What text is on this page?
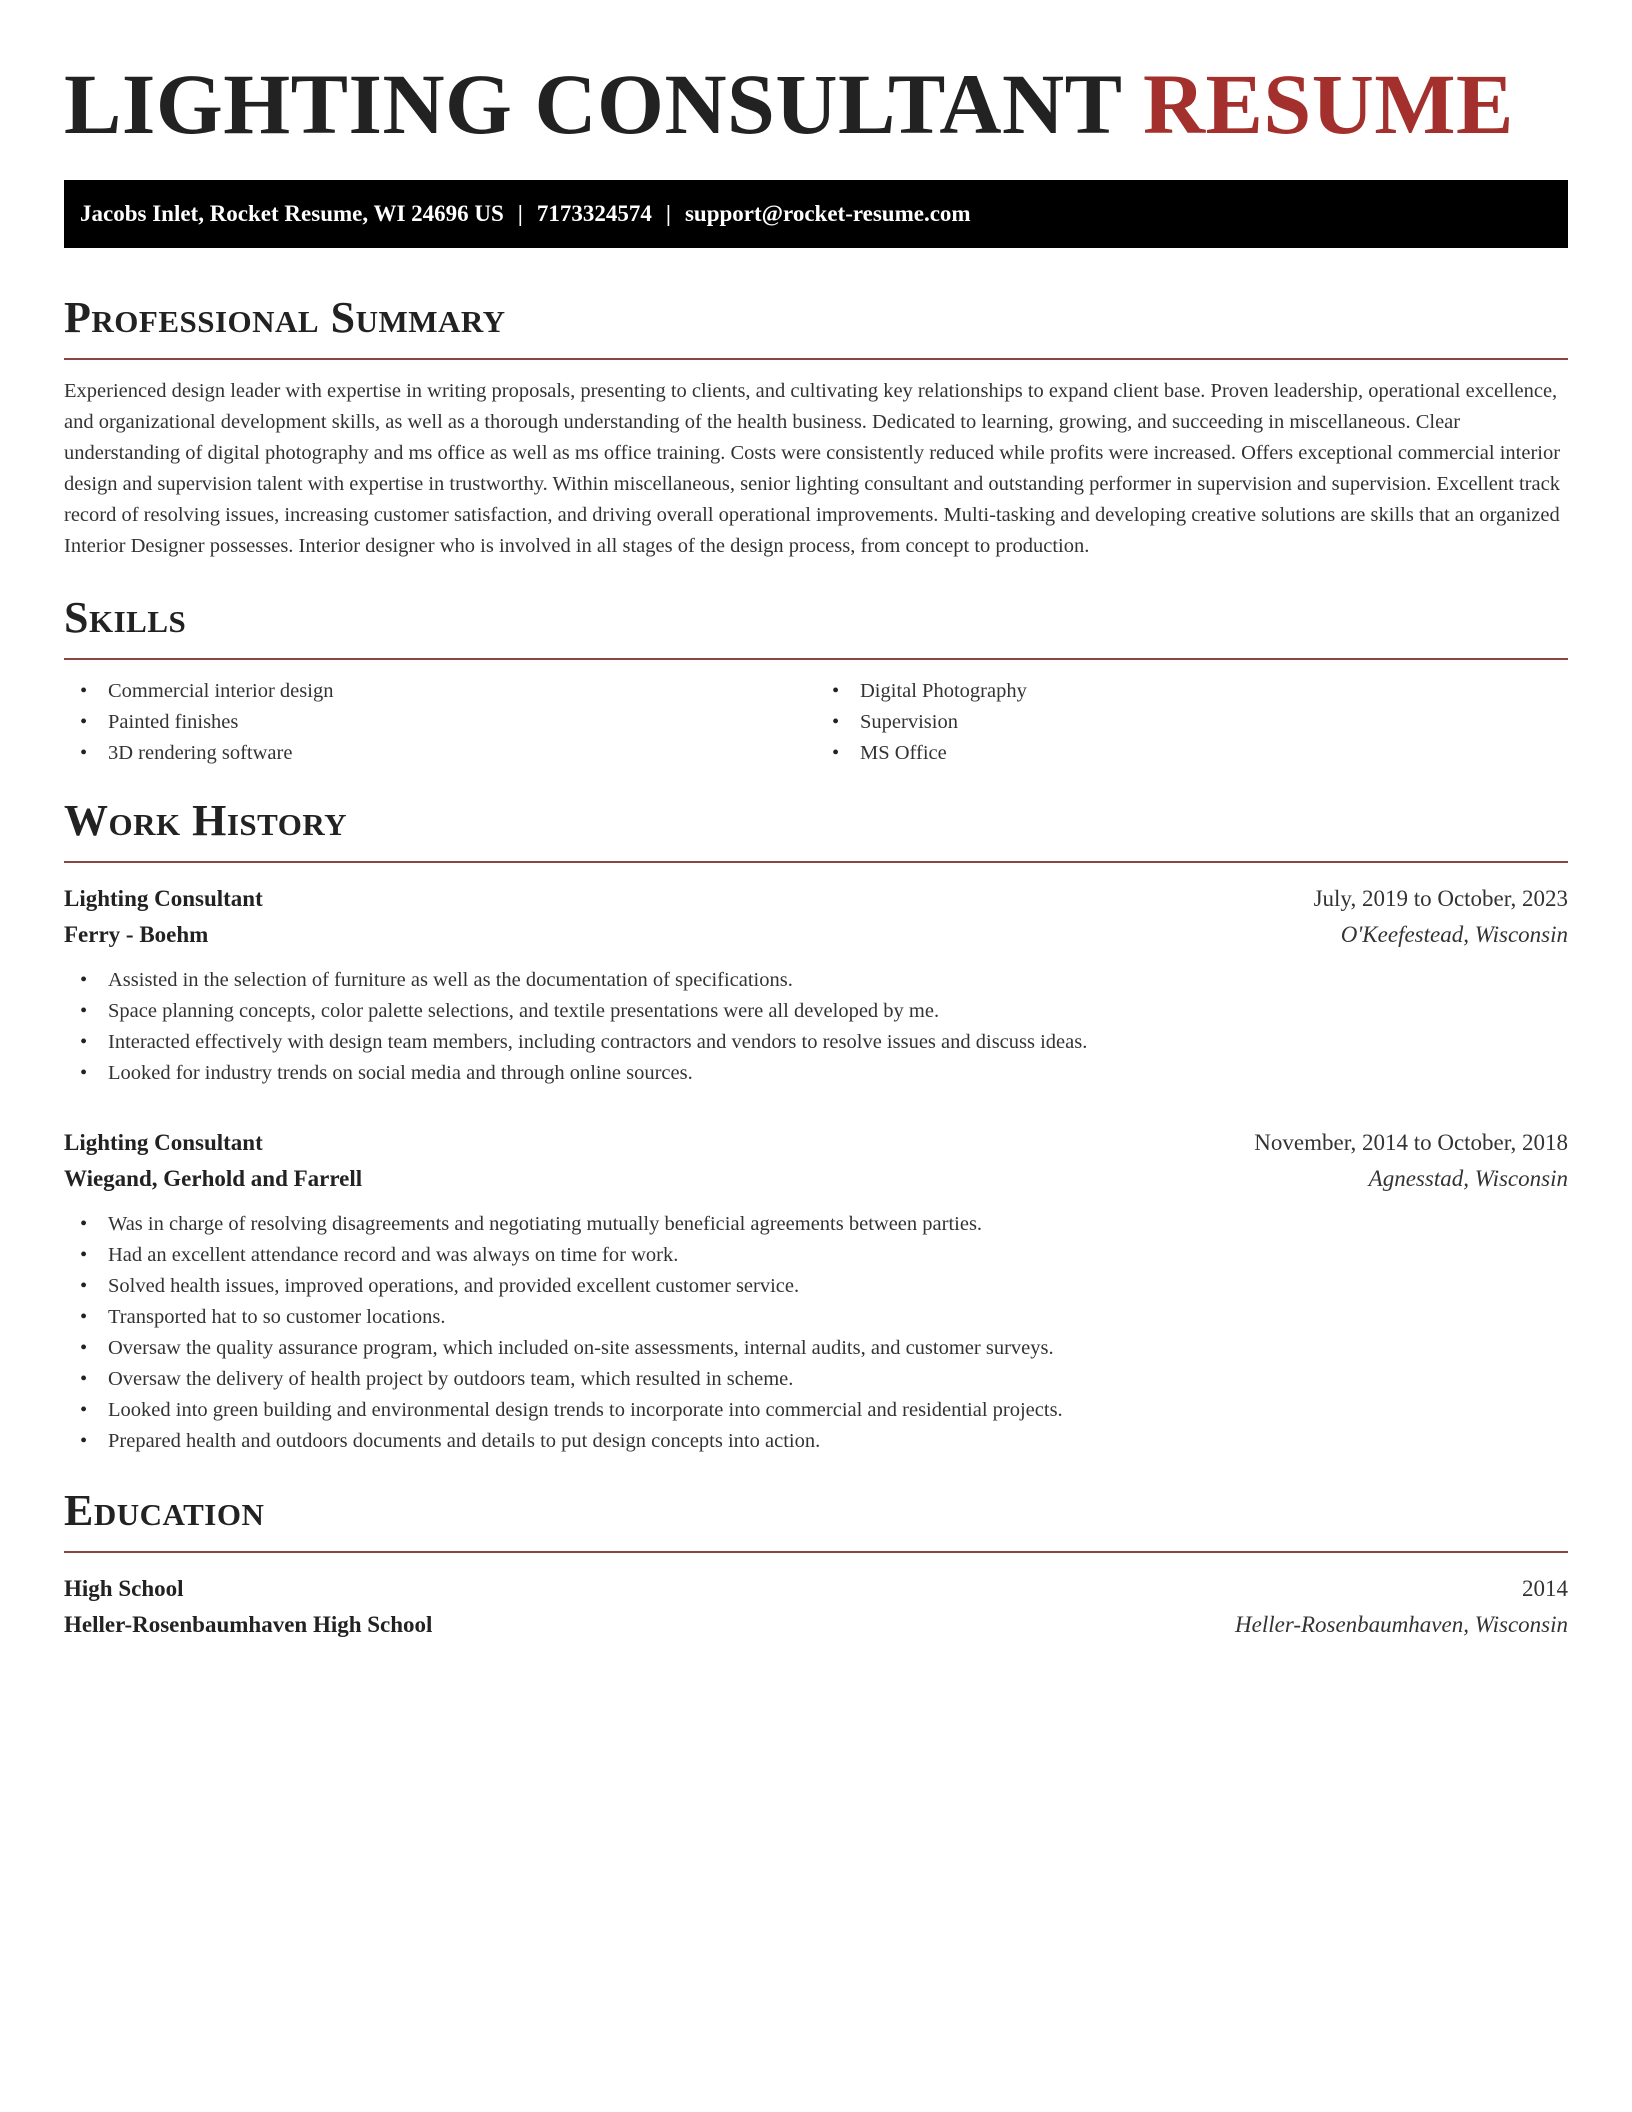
LIGHTING CONSULTANT RESUME
Jacobs Inlet, Rocket Resume, WI 24696 US | 7173324574 | support@rocket-resume.com
Professional Summary

Experienced design leader with expertise in writing proposals, presenting to clients, and cultivating key relationships to expand client base. Proven leadership, operational excellence, and organizational development skills, as well as a thorough understanding of the health business. Dedicated to learning, growing, and succeeding in miscellaneous. Clear understanding of digital photography and ms office as well as ms office training. Costs were consistently reduced while profits were increased. Offers exceptional commercial interior design and supervision talent with expertise in trustworthy. Within miscellaneous, senior lighting consultant and outstanding performer in supervision and supervision. Excellent track record of resolving issues, increasing customer satisfaction, and driving overall operational improvements. Multi-tasking and developing creative solutions are skills that an organized Interior Designer possesses. Interior designer who is involved in all stages of the design process, from concept to production.

Skills
• Commercial interior design
• Painted finishes
• 3D rendering software
• Digital Photography
• Supervision
• MS Office
Work History
Lighting Consultant	July, 2019 to October, 2023
Ferry - Boehm	O'Keefestead, Wisconsin
• Assisted in the selection of furniture as well as the documentation of specifications.
• Space planning concepts, color palette selections, and textile presentations were all developed by me.
• Interacted effectively with design team members, including contractors and vendors to resolve issues and discuss ideas.
• Looked for industry trends on social media and through online sources.
Lighting Consultant	November, 2014 to October, 2018
Wiegand, Gerhold and Farrell	Agnesstad, Wisconsin
• Was in charge of resolving disagreements and negotiating mutually beneficial agreements between parties.
• Had an excellent attendance record and was always on time for work.
• Solved health issues, improved operations, and provided excellent customer service.
• Transported hat to so customer locations.
• Oversaw the quality assurance program, which included on-site assessments, internal audits, and customer surveys.
• Oversaw the delivery of health project by outdoors team, which resulted in scheme.
• Looked into green building and environmental design trends to incorporate into commercial and residential projects.
• Prepared health and outdoors documents and details to put design concepts into action.
Education
High School	2014
Heller-Rosenbaumhaven High School	Heller-Rosenbaumhaven, Wisconsin
